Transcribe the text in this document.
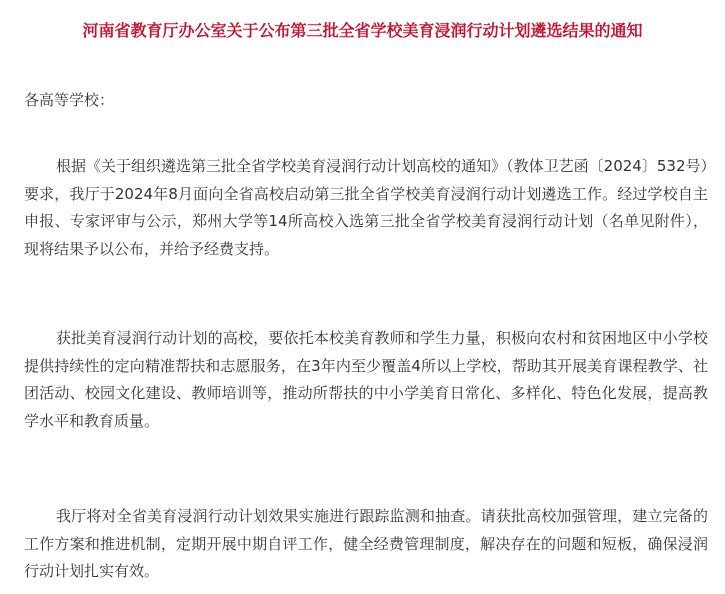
河南省教育厅办公室关于公布第三批全省学校美育浸润行动计划遴选结果的通知
各高等学校：

根据《关于组织遴选第三批全省学校美育浸润行动计划高校的通知》（教体卫艺函〔2024〕532号）要求，我厅于2024年8月面向全省高校启动第三批全省学校美育浸润行动计划遴选工作。经过学校自主申报、专家评审与公示，郑州大学等14所高校入选第三批全省学校美育浸润行动计划（名单见附件），现将结果予以公布，并给予经费支持。

获批美育浸润行动计划的高校，要依托本校美育教师和学生力量，积极向农村和贫困地区中小学校提供持续性的定向精准帮扶和志愿服务，在3年内至少覆盖4所以上学校，帮助其开展美育课程教学、社团活动、校园文化建设、教师培训等，推动所帮扶的中小学美育日常化、多样化、特色化发展，提高教学水平和教育质量。

我厅将对全省美育浸润行动计划效果实施进行跟踪监测和抽查。请获批高校加强管理，建立完备的工作方案和推进机制，定期开展中期自评工作，健全经费管理制度，解决存在的问题和短板，确保浸润行动计划扎实有效。
